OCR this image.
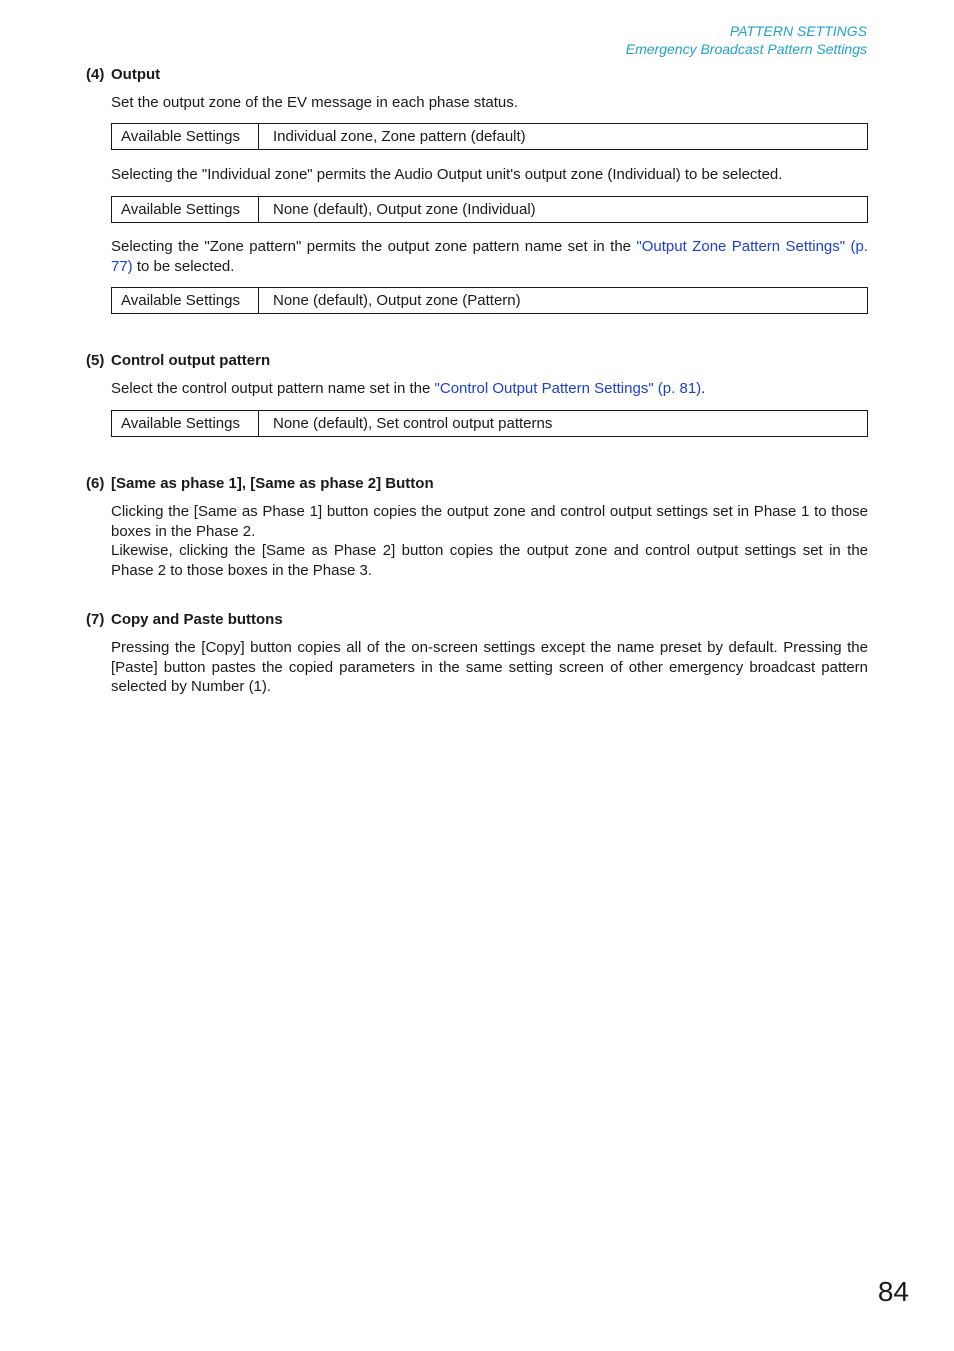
PATTERN SETTINGS
Emergency Broadcast Pattern Settings
(4) Output

Set the output zone of the EV message in each phase status.

Available Settings	Individual zone, Zone pattern (default)

Selecting the "Individual zone" permits the Audio Output unit's output zone (Individual) to be selected.

Available Settings	None (default), Output zone (Individual)

Selecting the "Zone pattern" permits the output zone pattern name set in the "Output Zone Pattern Settings" (p. 77) to be selected.

Available Settings	None (default), Output zone (Pattern)
(5) Control output pattern

Select the control output pattern name set in the "Control Output Pattern Settings" (p. 81).

Available Settings	None (default), Set control output patterns
(6) [Same as phase 1], [Same as phase 2] Button

Clicking the [Same as Phase 1] button copies the output zone and control output settings set in Phase 1 to those boxes in the Phase 2.

Likewise, clicking the [Same as Phase 2] button copies the output zone and control output settings set in the Phase 2 to those boxes in the Phase 3.

(7) Copy and Paste buttons

Pressing the [Copy] button copies all of the on-screen settings except the name preset by default. Pressing the [Paste] button pastes the copied parameters in the same setting screen of other emergency broadcast pattern selected by Number (1).

84
